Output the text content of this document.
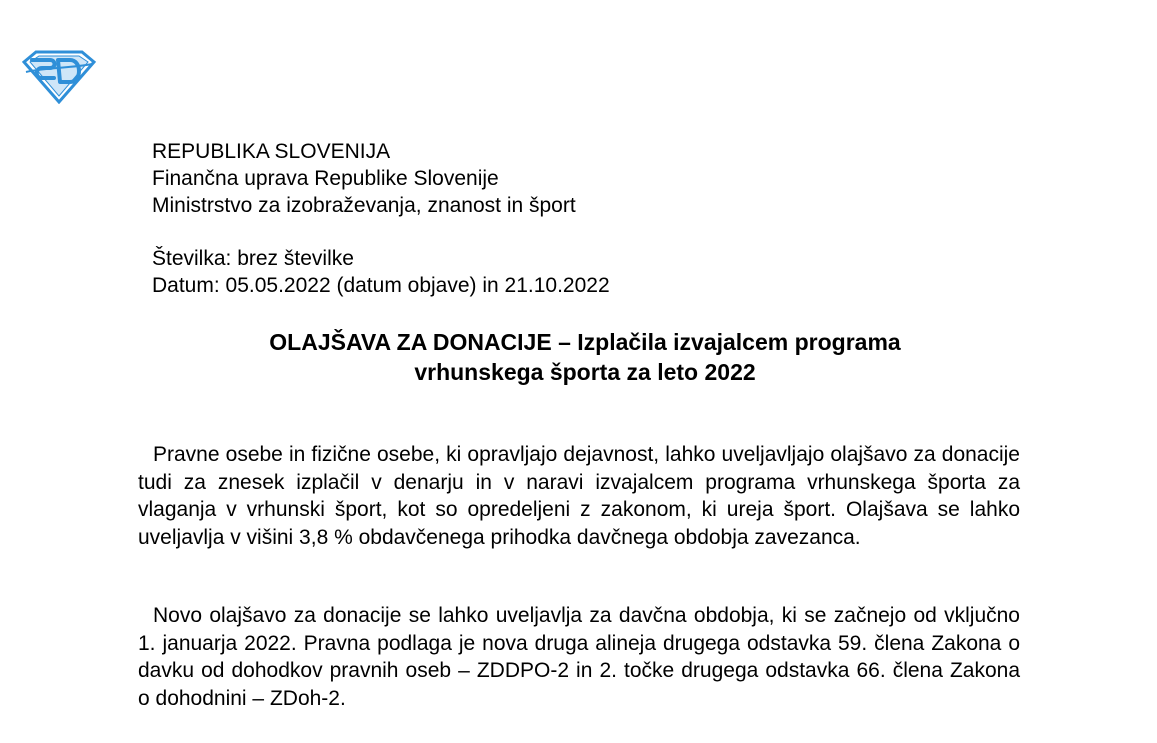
REPUBLIKA SLOVENIJA
Finančna uprava Republike Slovenije
Ministrstvo za izobraževanja, znanost in šport
Številka: brez številke
Datum: 05.05.2022 (datum objave) in 21.10.2022
OLAJŠAVA ZA DONACIJE – Izplačila izvajalcem programa
vrhunskega športa za leto 2022
Pravne osebe in fizične osebe, ki opravljajo dejavnost, lahko uveljavljajo olajšavo za donacije tudi za znesek izplačil v denarju in v naravi izvajalcem programa vrhunskega športa za vlaganja v vrhunski šport, kot so opredeljeni z zakonom, ki ureja šport. Olajšava se lahko uveljavlja v višini 3,8 % obdavčenega prihodka davčnega obdobja zavezanca.
Novo olajšavo za donacije se lahko uveljavlja za davčna obdobja, ki se začnejo od vključno 1. januarja 2022. Pravna podlaga je nova druga alineja drugega odstavka 59. člena Zakona o davku od dohodkov pravnih oseb – ZDDPO-2 in 2. točke drugega odstavka 66. člena Zakona o dohodnini – ZDoh-2.
